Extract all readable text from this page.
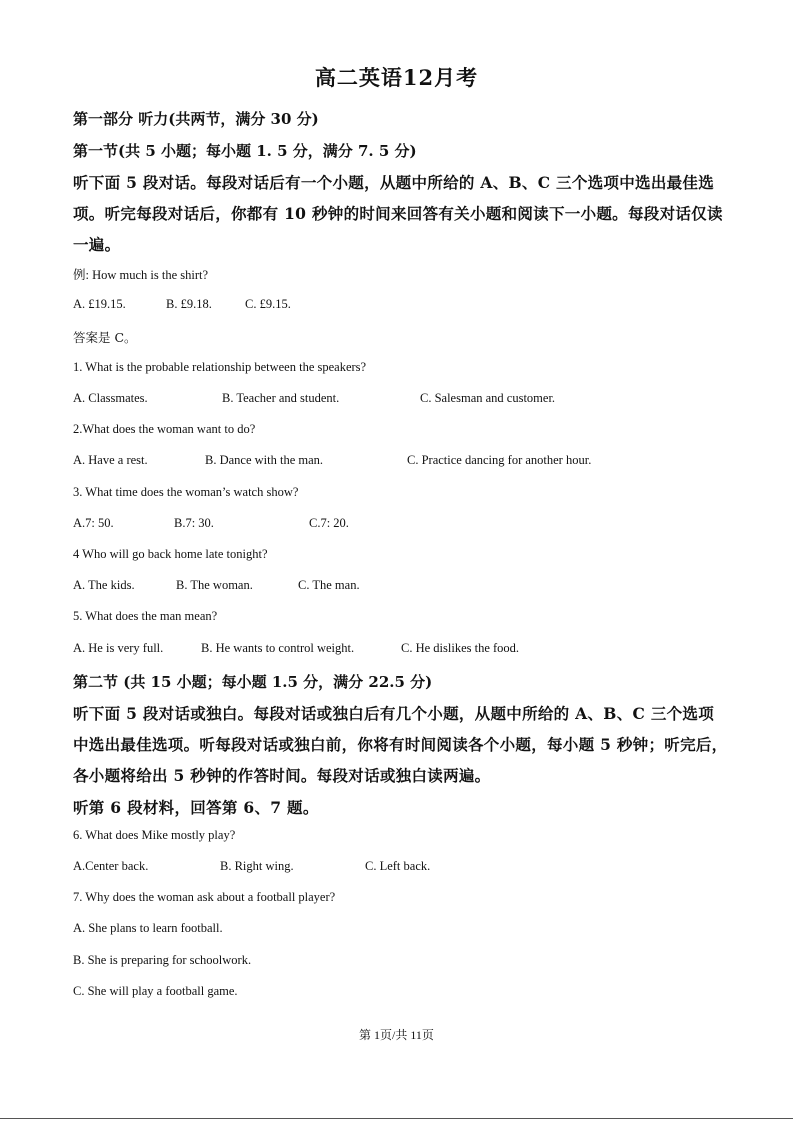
高二英语12月考
第一部分 听力(共两节，满分 30 分)
第一节(共 5 小题；每小题 1. 5 分，满分 7. 5 分)
听下面 5 段对话。每段对话后有一个小题，从题中所给的 A、B、C 三个选项中选出最佳选
项。听完每段对话后，你都有 10 秒钟的时间来回答有关小题和阅读下一小题。每段对话仅读
一遍。
例: How much is the shirt?
A. £19.15.	B. £9.18.	C. £9.15.
答案是 C。
1. What is the probable relationship between the speakers?
A. Classmates.	B. Teacher and student.	C. Salesman and customer.
2.What does the woman want to do?
A. Have a rest.	B. Dance with the man.	C. Practice dancing for another hour.
3. What time does the woman’s watch show?
A.7: 50.	B.7: 30.	C.7: 20.
4 Who will go back home late tonight?
A. The kids.	B. The woman.	C. The man.
5. What does the man mean?
A. He is very full.	B. He wants to control weight.	C. He dislikes the food.
第二节 (共 15 小题；每小题 1.5 分，满分 22.5 分)
听下面 5 段对话或独白。每段对话或独白后有几个小题，从题中所给的 A、B、C 三个选项
中选出最佳选项。听每段对话或独白前，你将有时间阅读各个小题，每小题 5 秒钟；听完后，
各小题将给出 5 秒钟的作答时间。每段对话或独白读两遍。
听第 6 段材料，回答第 6、7 题。
6. What does Mike mostly play?
A.Center back.	B. Right wing.	C. Left back.
7. Why does the woman ask about a football player?
A. She plans to learn football.
B. She is preparing for schoolwork.
C. She will play a football game.
第 1页/共 11页
